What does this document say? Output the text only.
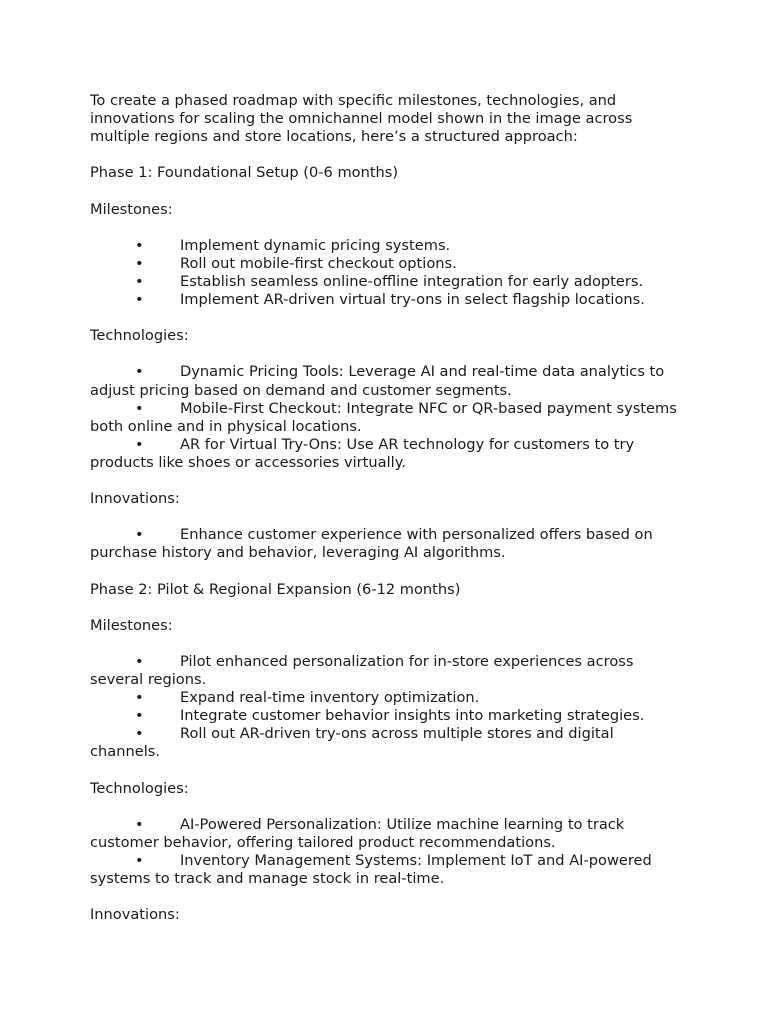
To create a phased roadmap with specific milestones, technologies, and innovations for scaling the omnichannel model shown in the image across multiple regions and store locations, here’s a structured approach:

Phase 1: Foundational Setup (0-6 months)

Milestones:

• Implement dynamic pricing systems.

• Roll out mobile-first checkout options.

• Establish seamless online-offline integration for early adopters.

• Implement AR-driven virtual try-ons in select flagship locations.

Technologies:

• Dynamic Pricing Tools: Leverage AI and real-time data analytics to adjust pricing based on demand and customer segments.

• Mobile-First Checkout: Integrate NFC or QR-based payment systems both online and in physical locations.

• AR for Virtual Try-Ons: Use AR technology for customers to try products like shoes or accessories virtually.

Innovations:

• Enhance customer experience with personalized offers based on purchase history and behavior, leveraging AI algorithms.

Phase 2: Pilot & Regional Expansion (6-12 months)

Milestones:

• Pilot enhanced personalization for in-store experiences across several regions.

• Expand real-time inventory optimization.

• Integrate customer behavior insights into marketing strategies.

• Roll out AR-driven try-ons across multiple stores and digital channels.

Technologies:

• AI-Powered Personalization: Utilize machine learning to track customer behavior, offering tailored product recommendations.

• Inventory Management Systems: Implement IoT and AI-powered systems to track and manage stock in real-time.

Innovations:
